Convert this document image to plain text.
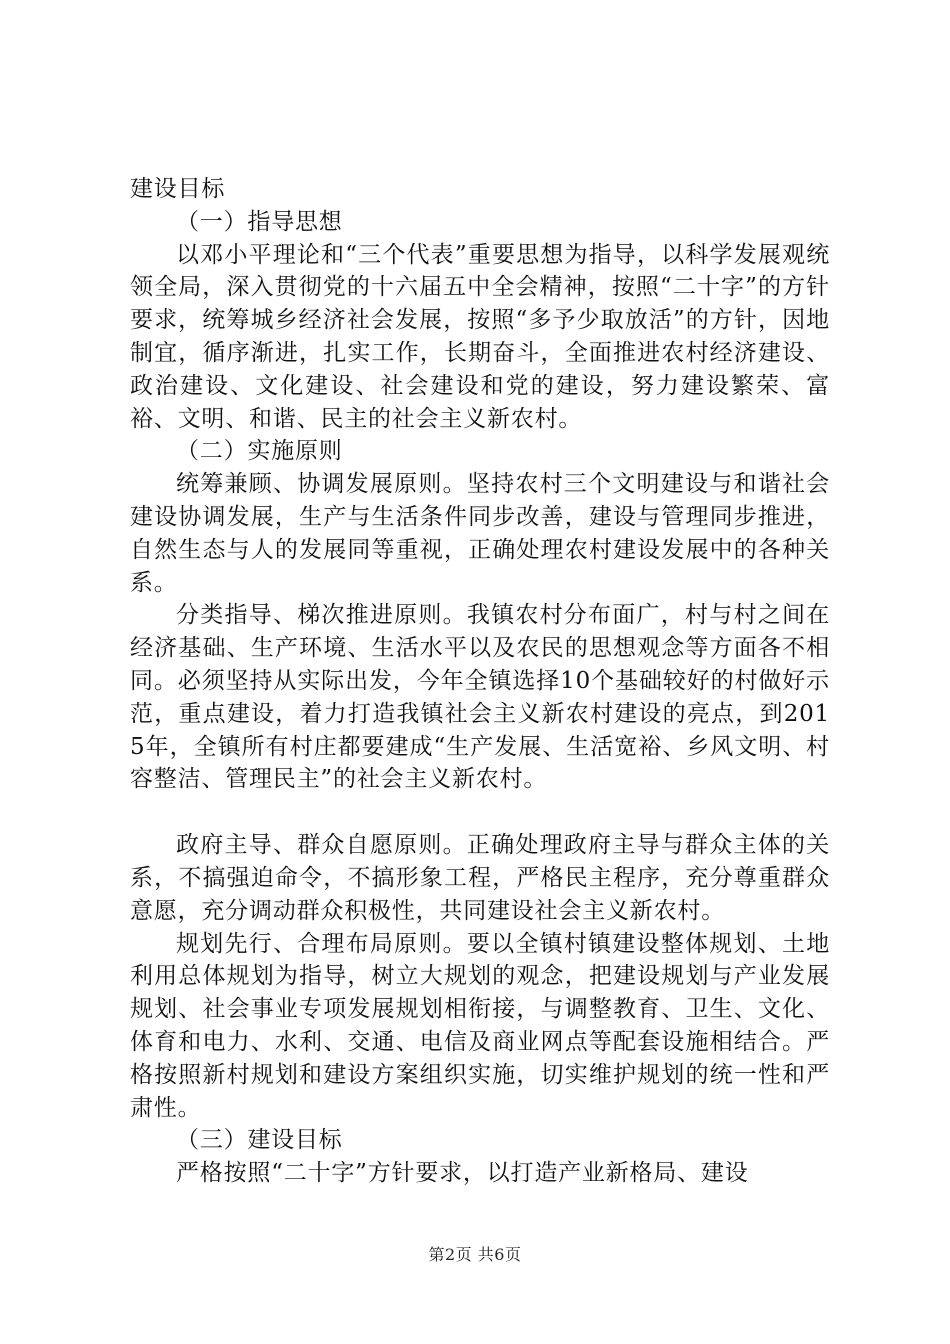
建设目标

（一）指导思想

以邓小平理论和“三个代表”重要思想为指导，以科学发展观统领全局，深入贯彻党的十六届五中全会精神，按照“二十字”的方针要求，统筹城乡经济社会发展，按照“多予少取放活”的方针，因地制宜，循序渐进，扎实工作，长期奋斗，全面推进农村经济建设、政治建设、文化建设、社会建设和党的建设，努力建设繁荣、富裕、文明、和谐、民主的社会主义新农村。

（二）实施原则

统筹兼顾、协调发展原则。坚持农村三个文明建设与和谐社会建设协调发展，生产与生活条件同步改善，建设与管理同步推进，自然生态与人的发展同等重视，正确处理农村建设发展中的各种关系。

分类指导、梯次推进原则。我镇农村分布面广，村与村之间在经济基础、生产环境、生活水平以及农民的思想观念等方面各不相同。必须坚持从实际出发，今年全镇选择10个基础较好的村做好示范，重点建设，着力打造我镇社会主义新农村建设的亮点，到2015年，全镇所有村庄都要建成“生产发展、生活宽裕、乡风文明、村容整洁、管理民主”的社会主义新农村。

政府主导、群众自愿原则。正确处理政府主导与群众主体的关系，不搞强迫命令，不搞形象工程，严格民主程序，充分尊重群众意愿，充分调动群众积极性，共同建设社会主义新农村。

规划先行、合理布局原则。要以全镇村镇建设整体规划、土地利用总体规划为指导，树立大规划的观念，把建设规划与产业发展规划、社会事业专项发展规划相衔接，与调整教育、卫生、文化、体育和电力、水利、交通、电信及商业网点等配套设施相结合。严格按照新村规划和建设方案组织实施，切实维护规划的统一性和严肃性。

（三）建设目标

严格按照“二十字”方针要求，以打造产业新格局、建设

第2页 共6页
